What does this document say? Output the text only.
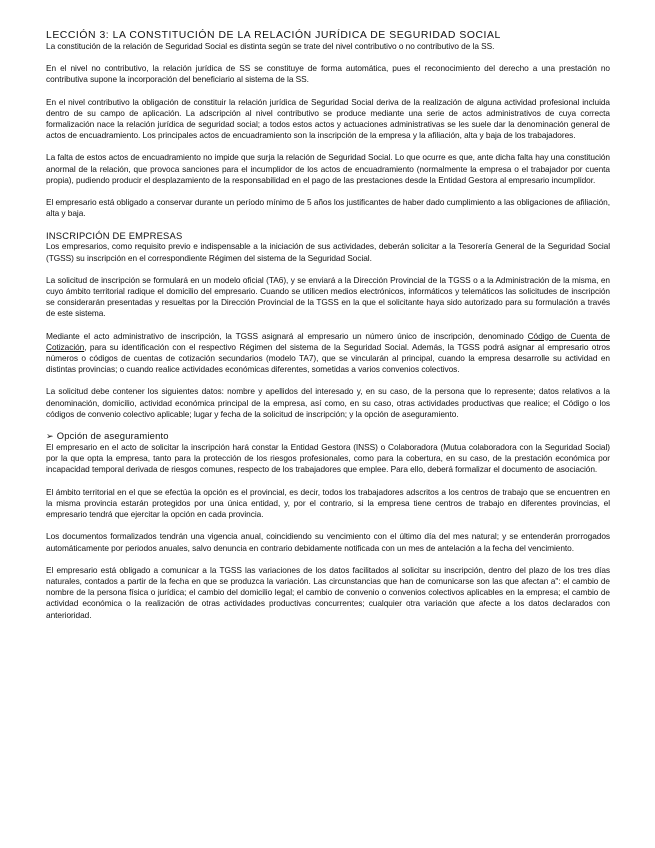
LECCIÓN 3: LA CONSTITUCIÓN DE LA RELACIÓN JURÍDICA DE SEGURIDAD SOCIAL

La constitución de la relación de Seguridad Social es distinta según se trate del nivel contributivo o no contributivo de la SS.

En el nivel no contributivo, la relación jurídica de SS se constituye de forma automática, pues el reconocimiento del derecho a una prestación no contributiva supone la incorporación del beneficiario al sistema de la SS.

En el nivel contributivo la obligación de constituir la relación jurídica de Seguridad Social deriva de la realización de alguna actividad profesional incluida dentro de su campo de aplicación. La adscripción al nivel contributivo se produce mediante una serie de actos administrativos de cuya correcta formalización nace la relación jurídica de seguridad social; a todos estos actos y actuaciones administrativas se les suele dar la denominación general de actos de encuadramiento. Los principales actos de encuadramiento son la inscripción de la empresa y la afiliación, alta y baja de los trabajadores.

La falta de estos actos de encuadramiento no impide que surja la relación de Seguridad Social. Lo que ocurre es que, ante dicha falta hay una constitución anormal de la relación, que provoca sanciones para el incumplidor de los actos de encuadramiento (normalmente la empresa o el trabajador por cuenta propia), pudiendo producir el desplazamiento de la responsabilidad en el pago de las prestaciones desde la Entidad Gestora al empresario incumplidor.

El empresario está obligado a conservar durante un período mínimo de 5 años los justificantes de haber dado cumplimiento a las obligaciones de afiliación, alta y baja.

INSCRIPCIÓN DE EMPRESAS

Los empresarios, como requisito previo e indispensable a la iniciación de sus actividades, deberán solicitar a la Tesorería General de la Seguridad Social (TGSS) su inscripción en el correspondiente Régimen del sistema de la Seguridad Social.

La solicitud de inscripción se formulará en un modelo oficial (TA6), y se enviará a la Dirección Provincial de la TGSS o a la Administración de la misma, en cuyo ámbito territorial radique el domicilio del empresario. Cuando se utilicen medios electrónicos, informáticos y telemáticos las solicitudes de inscripción se considerarán presentadas y resueltas por la Dirección Provincial de la TGSS en la que el solicitante haya sido autorizado para su formulación a través de este sistema.

Mediante el acto administrativo de inscripción, la TGSS asignará al empresario un número único de inscripción, denominado Código de Cuenta de Cotización, para su identificación con el respectivo Régimen del sistema de la Seguridad Social. Además, la TGSS podrá asignar al empresario otros números o códigos de cuentas de cotización secundarios (modelo TA7), que se vincularán al principal, cuando la empresa desarrolle su actividad en distintas provincias; o cuando realice actividades económicas diferentes, sometidas a varios convenios colectivos.

La solicitud debe contener los siguientes datos: nombre y apellidos del interesado y, en su caso, de la persona que lo represente; datos relativos a la denominación, domicilio, actividad económica principal de la empresa, así como, en su caso, otras actividades productivas que realice; el Código o los códigos de convenio colectivo aplicable; lugar y fecha de la solicitud de inscripción; y la opción de aseguramiento.

➢ Opción de aseguramiento

El empresario en el acto de solicitar la inscripción hará constar la Entidad Gestora (INSS) o Colaboradora (Mutua colaboradora con la Seguridad Social) por la que opta la empresa, tanto para la protección de los riesgos profesionales, como para la cobertura, en su caso, de la prestación económica por incapacidad temporal derivada de riesgos comunes, respecto de los trabajadores que emplee. Para ello, deberá formalizar el documento de asociación.

El ámbito territorial en el que se efectúa la opción es el provincial, es decir, todos los trabajadores adscritos a los centros de trabajo que se encuentren en la misma provincia estarán protegidos por una única entidad, y, por el contrario, si la empresa tiene centros de trabajo en diferentes provincias, el empresario tendrá que ejercitar la opción en cada provincia.

Los documentos formalizados tendrán una vigencia anual, coincidiendo su vencimiento con el último día del mes natural; y se entenderán prorrogados automáticamente por periodos anuales, salvo denuncia en contrario debidamente notificada con un mes de antelación a la fecha del vencimiento.

El empresario está obligado a comunicar a la TGSS las variaciones de los datos facilitados al solicitar su inscripción, dentro del plazo de los tres días naturales, contados a partir de la fecha en que se produzca la variación. Las circunstancias que han de comunicarse son las que afectan a": el cambio de nombre de la persona física o jurídica; el cambio del domicilio legal; el cambio de convenio o convenios colectivos aplicables en la empresa; el cambio de actividad económica o la realización de otras actividades productivas concurrentes; cualquier otra variación que afecte a los datos declarados con anterioridad.
